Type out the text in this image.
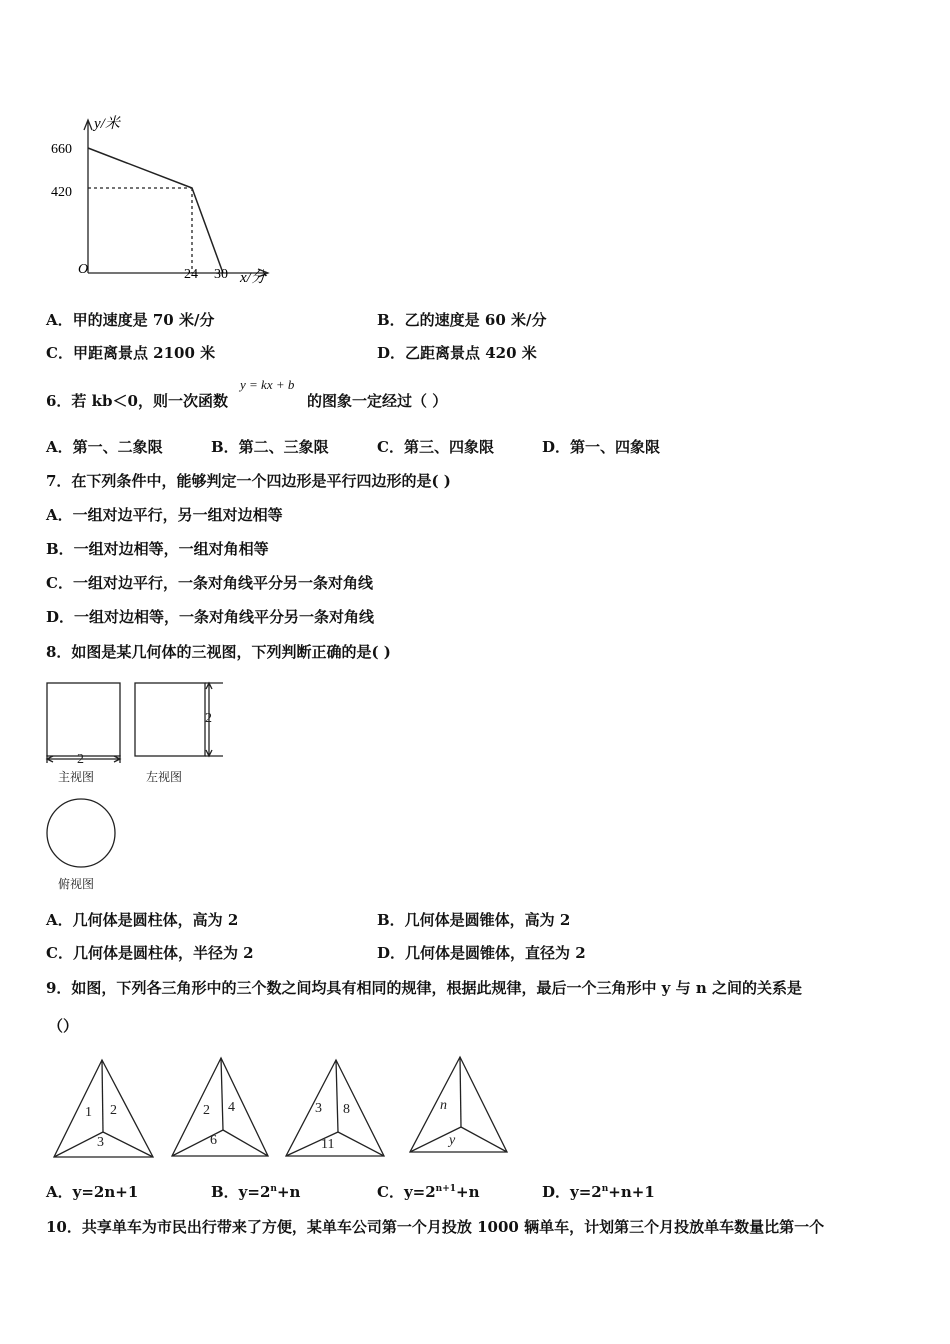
y/米
660
420
O	24 30 x/分
A．甲的速度是 70 米/分	B．乙的速度是 60 米/分
C．甲距离景点 2100 米	D．乙距离景点 420 米
6．若 kb＜0，则一次函数
y = kx + b
的图象一定经过（ ）
A．第一、二象限	B．第二、三象限	C．第三、四象限	D．第一、四象限
7．在下列条件中，能够判定一个四边形是平行四边形的是( )
A．一组对边平行，另一组对边相等
B．一组对边相等，一组对角相等
C．一组对边平行，一条对角线平分另一条对角线
D．一组对边相等，一条对角线平分另一条对角线
8．如图是某几何体的三视图，下列判断正确的是( )
2
2
主视图	左视图
俯视图
A．几何体是圆柱体，高为 2	B．几何体是圆锥体，高为 2
C．几何体是圆柱体，半径为 2	D．几何体是圆锥体，直径为 2
9．如图，下列各三角形中的三个数之间均具有相同的规律，根据此规律，最后一个三角形中 y 与 n 之间的关系是
（）
1 2
3
2 4
6
3 8
11
n
y
A．y=2n+1	B．$y=2^n+n$	C．$y=2^{n+1}+n$	D．$y=2^n+n+1$
10．共享单车为市民出行带来了方便，某单车公司第一个月投放 1000 辆单车，计划第三个月投放单车数量比第一个
